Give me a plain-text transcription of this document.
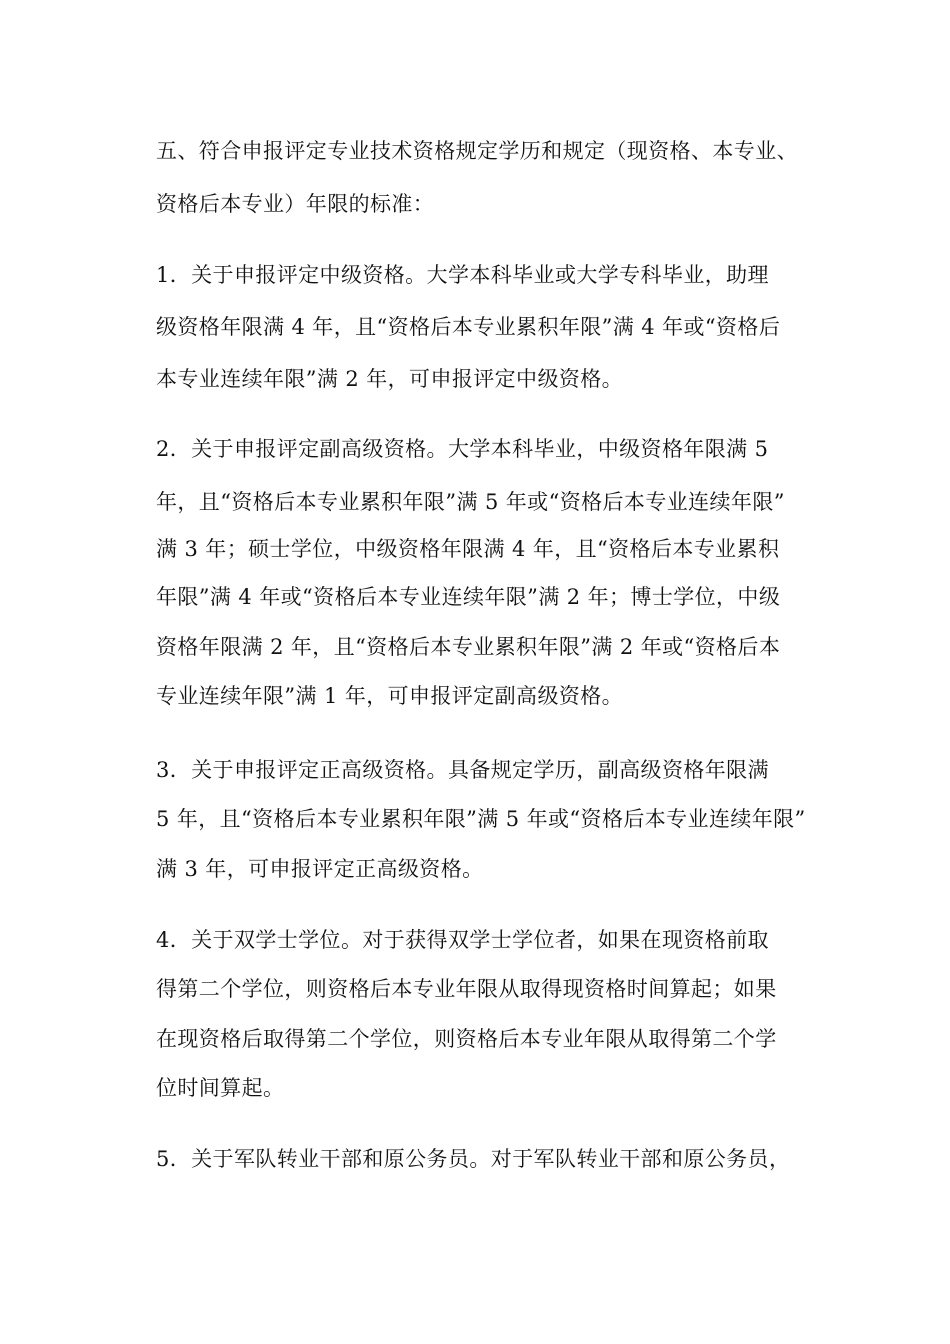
五、符合申报评定专业技术资格规定学历和规定（现资格、本专业、
资格后本专业）年限的标准：
1．关于申报评定中级资格。大学本科毕业或大学专科毕业，助理
级资格年限满 4 年，且“资格后本专业累积年限”满 4 年或“资格后
本专业连续年限”满 2 年，可申报评定中级资格。
2．关于申报评定副高级资格。大学本科毕业，中级资格年限满 5
年，且“资格后本专业累积年限”满 5 年或“资格后本专业连续年限”
满 3 年；硕士学位，中级资格年限满 4 年，且“资格后本专业累积
年限”满 4 年或“资格后本专业连续年限”满 2 年；博士学位，中级
资格年限满 2 年，且“资格后本专业累积年限”满 2 年或“资格后本
专业连续年限”满 1 年，可申报评定副高级资格。
3．关于申报评定正高级资格。具备规定学历，副高级资格年限满
5 年，且“资格后本专业累积年限”满 5 年或“资格后本专业连续年限”
满 3 年，可申报评定正高级资格。
4．关于双学士学位。对于获得双学士学位者，如果在现资格前取
得第二个学位，则资格后本专业年限从取得现资格时间算起；如果
在现资格后取得第二个学位，则资格后本专业年限从取得第二个学
位时间算起。
5．关于军队转业干部和原公务员。对于军队转业干部和原公务员，
